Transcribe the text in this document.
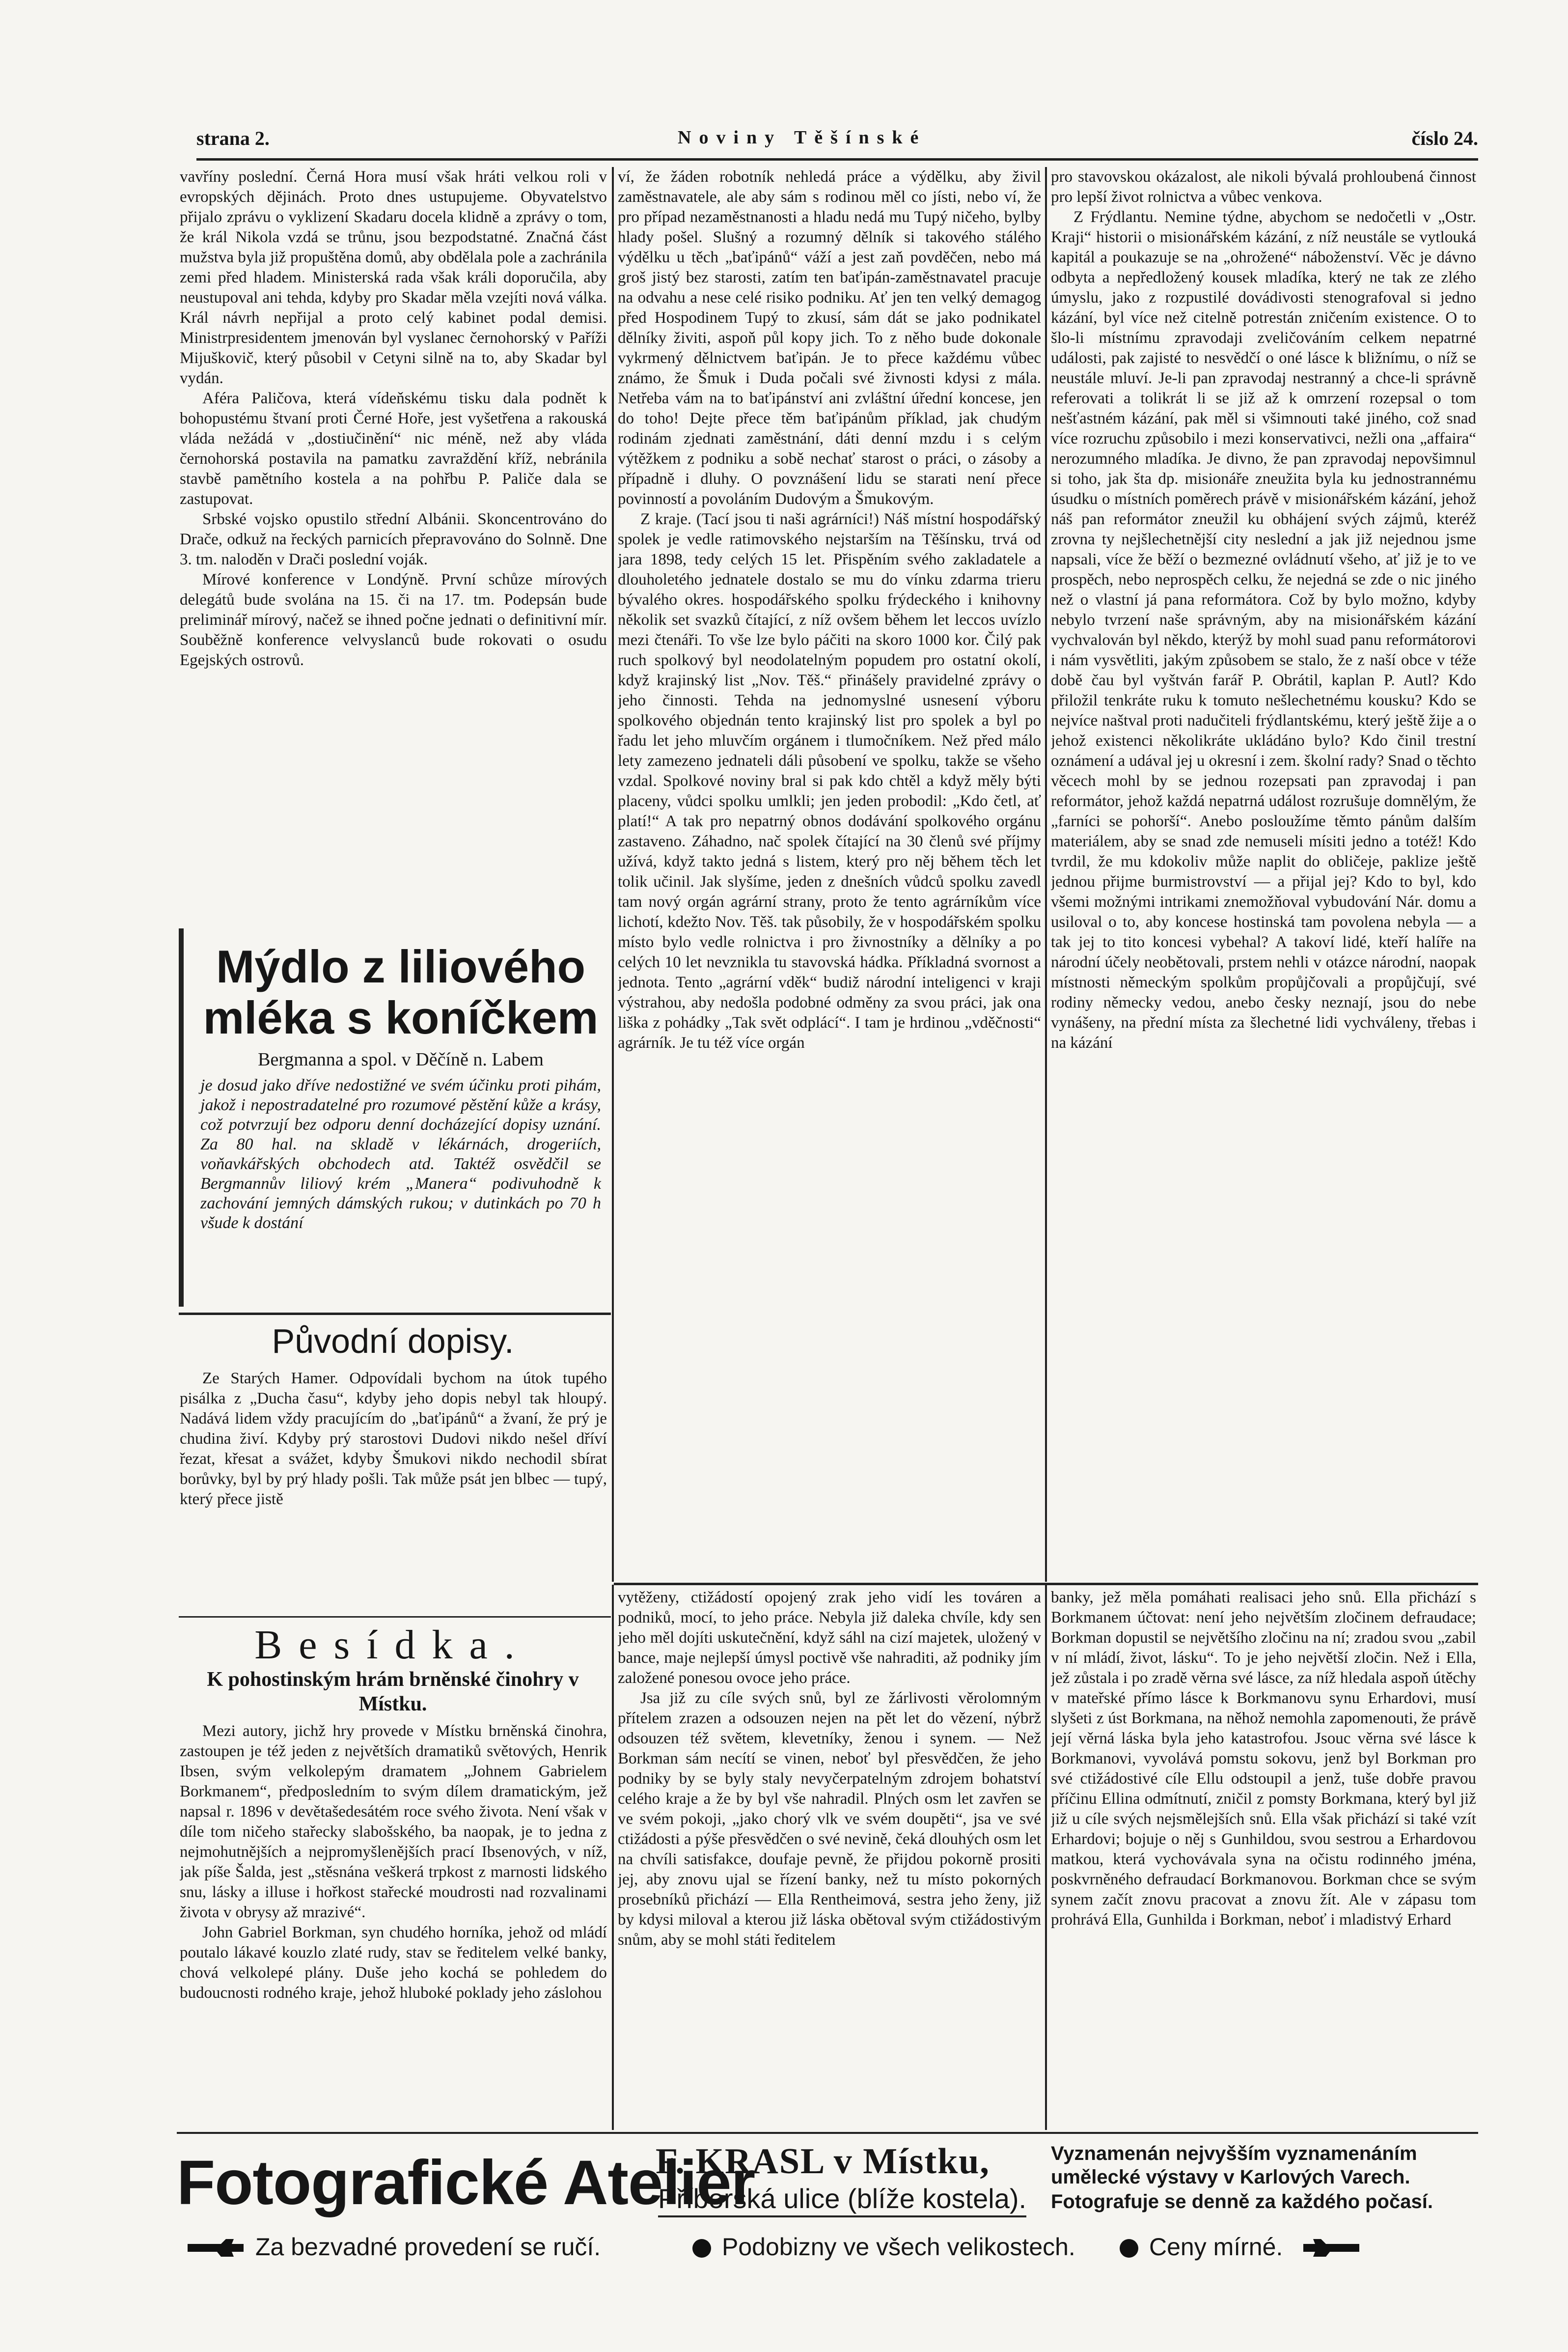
strana 2.	Noviny Těšínské	číslo 24.

vavříny poslední. Černá Hora musí však hráti velkou roli v evropských dějinách. Proto dnes ustupujeme. Obyvatelstvo přijalo zprávu o vyklizení Skadaru docela klidně a zprávy o tom, že král Nikola vzdá se trůnu, jsou bezpodstatné. Značná část mužstva byla již propuštěna domů, aby obdělala pole a zachránila zemi před hladem. Ministerská rada však králi doporučila, aby neustupoval ani tehda, kdyby pro Skadar měla vzejíti nová válka. Král návrh nepřijal a proto celý kabinet podal demisi. Ministrpresidentem jmenován byl vyslanec černohorský v Paříži Mijuškovič, který působil v Cetyni silně na to, aby Skadar byl vydán.

Aféra Paličova, která vídeňskému tisku dala podnět k bohopustému štvaní proti Černé Hoře, jest vyšetřena a rakouská vláda nežádá v „dostiučinění“ nic méně, než aby vláda černohorská postavila na pamatku zavraždění kříž, nebránila stavbě pamětního kostela a na pohřbu P. Paliče dala se zastupovat.

Srbské vojsko opustilo střední Albánii. Skoncentrováno do Drače, odkuž na řeckých parnicích přepravováno do Solnně. Dne 3. tm. naloděn v Drači poslední voják.

Mírové konference v Londýně. První schůze mírových delegátů bude svolána na 15. či na 17. tm. Podepsán bude preliminář mírový, načež se ihned počne jednati o definitivní mír. Souběžně konference velvyslanců bude rokovati o osudu Egejských ostrovů.

Mýdlo z liliového mléka s koníčkem
Bergmanna a spol. v Děčíně n. Labem
je dosud jako dříve nedostižné ve svém účinku proti pihám, jakož i nepostradatelné pro rozumové pěstění kůže a krásy, což potvrzují bez odporu denní docházející dopisy uznání. Za 80 hal. na skladě v lékárnách, drogeriích, voňavkářských obchodech atd. Taktéž osvědčil se Bergmannův liliový krém „Manera“ podivuhodně k zachování jemných dámských rukou; v dutinkách po 70 h všude k dostání
Původní dopisy.

Ze Starých Hamer. Odpovídali bychom na útok tupého pisálka z „Ducha času“, kdyby jeho dopis nebyl tak hloupý. Nadává lidem vždy pracujícím do „baťipánů“ a žvaní, že prý je chudina živí. Kdyby prý starostovi Dudovi nikdo nešel dříví řezat, křesat a svážet, kdyby Šmukovi nikdo nechodil sbírat borůvky, byl by prý hlady pošli. Tak může psát jen blbec — tupý, který přece jistě

ví, že žáden robotník nehledá práce a výdělku, aby živil zaměstnavatele, ale aby sám s rodinou měl co jísti, nebo ví, že pro případ nezaměstnanosti a hladu nedá mu Tupý ničeho, bylby hlady pošel. Slušný a rozumný dělník si takového stálého výdělku u těch „baťipánů“ váží a jest zaň povděčen, nebo má groš jistý bez starosti, zatím ten baťipán-zaměstnavatel pracuje na odvahu a nese celé risiko podniku. Ať jen ten velký demagog před Hospodinem Tupý to zkusí, sám dát se jako podnikatel dělníky živiti, aspoň půl kopy jich. To z něho bude dokonale vykrmený dělnictvem baťipán. Je to přece každému vůbec známo, že Šmuk i Duda počali své živnosti kdysi z mála. Netřeba vám na to baťipánství ani zvláštní úřední koncese, jen do toho! Dejte přece těm baťipánům příklad, jak chudým rodinám zjednati zaměstnání, dáti denní mzdu i s celým výtěžkem z podniku a sobě nechať starost o práci, o zásoby a případně i dluhy. O povznášení lidu se starati není přece povinností a povoláním Dudovým a Šmukovým.

Z kraje. (Tací jsou ti naši agrárníci!) Náš místní hospodářský spolek je vedle ratimovského nejstarším na Těšínsku, trvá od jara 1898, tedy celých 15 let. Přispěním svého zakladatele a dlouholetého jednatele dostalo se mu do vínku zdarma trieru bývalého okres. hospodářského spolku frýdeckého i knihovny několik set svazků čítající, z níž ovšem během let leccos uvízlo mezi čtenáři. To vše lze bylo páčiti na skoro 1000 kor. Čilý pak ruch spolkový byl neodolatelným popudem pro ostatní okolí, když krajinský list „Nov. Těš.“ přinášely pravidelné zprávy o jeho činnosti. Tehda na jednomyslné usnesení výboru spolkového objednán tento krajinský list pro spolek a byl po řadu let jeho mluvčím orgánem i tlumočníkem. Než před málo lety zamezeno jednateli dáli působení ve spolku, takže se všeho vzdal. Spolkové noviny bral si pak kdo chtěl a když měly býti placeny, vůdci spolku umlkli; jen jeden probodil: „Kdo četl, ať platí!“ A tak pro nepatrný obnos dodávání spolkového orgánu zastaveno. Záhadno, nač spolek čítající na 30 členů své příjmy užívá, když takto jedná s listem, který pro něj během těch let tolik učinil. Jak slyšíme, jeden z dnešních vůdců spolku zavedl tam nový orgán agrární strany, proto že tento agrárníkům více lichotí, kdežto Nov. Těš. tak působily, že v hospodářském spolku místo bylo vedle rolnictva i pro živnostníky a dělníky a po celých 10 let nevznikla tu stavovská hádka. Příkladná svornost a jednota. Tento „agrární vděk“ budiž národní inteligenci v kraji výstrahou, aby nedošla podobné odměny za svou práci, jak ona liška z pohádky „Tak svět odplácí“. I tam je hrdinou „vděčnosti“ agrárník. Je tu též více orgán

pro stavovskou okázalost, ale nikoli bývalá prohloubená činnost pro lepší život rolnictva a vůbec venkova.

Z Frýdlantu. Nemine týdne, abychom se nedočetli v „Ostr. Kraji“ historii o misionářském kázání, z níž neustále se vytlouká kapitál a poukazuje se na „ohrožené“ náboženství. Věc je dávno odbyta a nepředložený kousek mladíka, který ne tak ze zlého úmyslu, jako z rozpustilé dovádivosti stenografoval si jedno kázání, byl více než citelně potrestán zničením existence. O to šlo-li místnímu zpravodaji zveličováním celkem nepatrné události, pak zajisté to nesvědčí o oné lásce k bližnímu, o níž se neustále mluví. Je-li pan zpravodaj nestranný a chce-li správně referovati a tolikrát li se již až k omrzení rozepsal o tom nešťastném kázání, pak měl si všimnouti také jiného, což snad více rozruchu způsobilo i mezi konservativci, nežli ona „affaira“ nerozumného mladíka. Je divno, že pan zpravodaj nepovšimnul si toho, jak šta dp. misionáře zneužita byla ku jednostrannému úsudku o místních poměrech právě v misionářském kázání, jehož náš pan reformátor zneužil ku obhájení svých zájmů, kteréž zrovna ty nejšlechetnější city neslední a jak již nejednou jsme napsali, více že běží o bezmezné ovládnutí všeho, ať již je to ve prospěch, nebo neprospěch celku, že nejedná se zde o nic jiného než o vlastní já pana reformátora. Což by bylo možno, kdyby nebylo tvrzení naše správným, aby na misionářském kázání vychvalován byl někdo, kterýž by mohl suad panu reformátorovi i nám vysvětliti, jakým způsobem se stalo, že z naší obce v téže době čau byl vyštván farář P. Obrátil, kaplan P. Autl? Kdo přiložil tenkráte ruku k tomuto nešlechetnému kousku? Kdo se nejvíce naštval proti nadučiteli frýdlantskému, který ještě žije a o jehož existenci několikráte ukládáno bylo? Kdo činil trestní oznámení a udával jej u okresní i zem. školní rady? Snad o těchto věcech mohl by se jednou rozepsati pan zpravodaj i pan reformátor, jehož každá nepatrná událost rozrušuje domnělým, že „farníci se pohorší“. Anebo posloužíme těmto pánům dalším materiálem, aby se snad zde nemuseli mísiti jedno a totéž! Kdo tvrdil, že mu kdokoliv může naplit do obličeje, paklize ještě jednou přijme burmistrovství — a přijal jej? Kdo to byl, kdo všemi možnými intrikami znemožňoval vybudování Nár. domu a usiloval o to, aby koncese hostinská tam povolena nebyla — a tak jej to tito koncesi vybehal? A takoví lidé, kteří halíře na národní účely neobětovali, prstem nehli v otázce národní, naopak místnosti německým spolkům propůjčovali a propůjčují, své rodiny německy vedou, anebo česky neznají, jsou do nebe vynášeny, na přední místa za šlechetné lidi vychváleny, třebas i na kázání

Besídka.
K pohostinským hrám brněnské činohry v Místku.

Mezi autory, jichž hry provede v Místku brněnská činohra, zastoupen je též jeden z největších dramatiků světových, Henrik Ibsen, svým velkolepým dramatem „Johnem Gabrielem Borkmanem“, předposledním to svým dílem dramatickým, jež napsal r. 1896 v devětašedesátém roce svého života. Není však v díle tom ničeho stařecky slabošského, ba naopak, je to jedna z nejmohutnějších a nejpromyšlenějších prací Ibsenových, v níž, jak píše Šalda, jest „stěsnána veškerá trpkost z marnosti lidského snu, lásky a illuse i hořkost stařecké moudrosti nad rozvalinami života v obrysy až mrazivé“.

John Gabriel Borkman, syn chudého horníka, jehož od mládí poutalo lákavé kouzlo zlaté rudy, stav se ředitelem velké banky, chová velkolepé plány. Duše jeho kochá se pohledem do budoucnosti rodného kraje, jehož hluboké poklady jeho záslohou

vytěženy, ctižádostí opojený zrak jeho vidí les továren a podniků, mocí, to jeho práce. Nebyla již daleka chvíle, kdy sen jeho měl dojíti uskutečnění, když sáhl na cizí majetek, uložený v bance, maje nejlepší úmysl poctivě vše nahraditi, až podniky jím založené ponesou ovoce jeho práce.

Jsa již zu cíle svých snů, byl ze žárlivosti věrolomným přítelem zrazen a odsouzen nejen na pět let do vězení, nýbrž odsouzen též světem, klevetníky, ženou i synem. — Než Borkman sám necítí se vinen, neboť byl přesvědčen, že jeho podniky by se byly staly nevyčerpatelným zdrojem bohatství celého kraje a že by byl vše nahradil. Plných osm let zavřen se ve svém pokoji, „jako chorý vlk ve svém doupěti“, jsa ve své ctižádosti a pýše přesvědčen o své nevině, čeká dlouhých osm let na chvíli satisfakce, doufaje pevně, že přijdou pokorně prositi jej, aby znovu ujal se řízení banky, než tu místo pokorných prosebníků přichází — Ella Rentheimová, sestra jeho ženy, již by kdysi miloval a kterou již láska obětoval svým ctižádostivým snům, aby se mohl státi ředitelem

banky, jež měla pomáhati realisaci jeho snů. Ella přichází s Borkmanem účtovat: není jeho největším zločinem defraudace; Borkman dopustil se největšího zločinu na ní; zradou svou „zabil v ní mládí, život, lásku“. To je jeho největší zločin. Než i Ella, jež zůstala i po zradě věrna své lásce, za níž hledala aspoň útěchy v mateřské přímo lásce k Borkmanovu synu Erhardovi, musí slyšeti z úst Borkmana, na něhož nemohla zapomenouti, že právě její věrná láska byla jeho katastrofou. Jsouc věrna své lásce k Borkmanovi, vyvolává pomstu sokovu, jenž byl Borkman pro své ctižádostivé cíle Ellu odstoupil a jenž, tuše dobře pravou příčinu Ellina odmítnutí, zničil z pomsty Borkmana, který byl již již u cíle svých nejsmělejších snů. Ella však přichází si také vzít Erhardovi; bojuje o něj s Gunhildou, svou sestrou a Erhardovou matkou, která vychovávala syna na očistu rodinného jména, poskvrněného defraudací Borkmanovou. Borkman chce se svým synem začít znovu pracovat a znovu žít. Ale v zápasu tom prohrává Ella, Gunhilda i Borkman, neboť i mladistvý Erhard

Fotografické Atelier
F. KRASL v Místku,
Příborská ulice (blíže kostela).
Vyznamenán nejvyšším vyznamenáním
umělecké výstavy v Karlových Varech.
Fotografuje se denně za každého počasí.
Za bezvadné provedení se ručí.	Podobizny ve všech velikostech.	Ceny mírné.
